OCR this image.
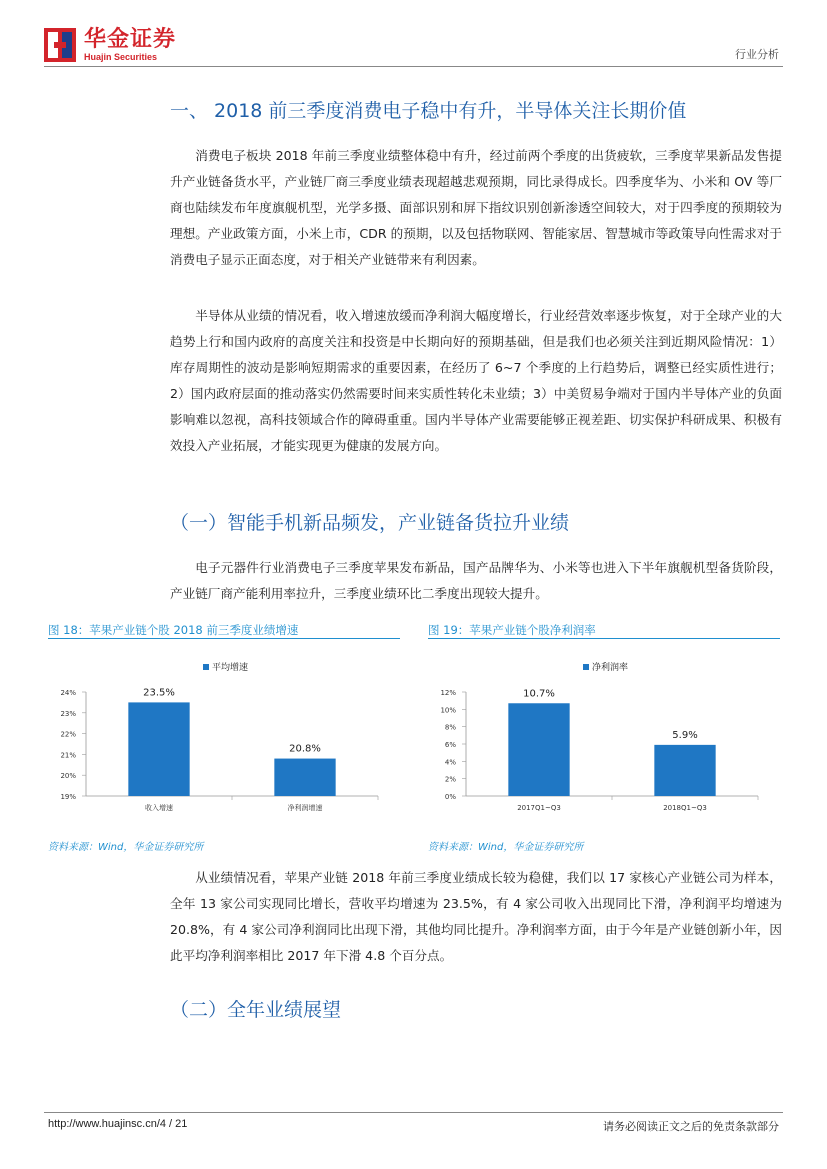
华金证券
Huajin Securities	行业分析
一、 2018 前三季度消费电子稳中有升，半导体关注长期价值

消费电子板块 2018 年前三季度业绩整体稳中有升，经过前两个季度的出货疲软，三季度苹果新品发售提升产业链备货水平，产业链厂商三季度业绩表现超越悲观预期，同比录得成长。四季度华为、小米和 OV 等厂商也陆续发布年度旗舰机型，光学多摄、面部识别和屏下指纹识别创新渗透空间较大，对于四季度的预期较为理想。产业政策方面，小米上市，CDR 的预期，以及包括物联网、智能家居、智慧城市等政策导向性需求对于消费电子显示正面态度，对于相关产业链带来有利因素。

半导体从业绩的情况看，收入增速放缓而净利润大幅度增长，行业经营效率逐步恢复，对于全球产业的大趋势上行和国内政府的高度关注和投资是中长期向好的预期基础，但是我们也必须关注到近期风险情况：1）库存周期性的波动是影响短期需求的重要因素，在经历了 6~7 个季度的上行趋势后，调整已经实质性进行；2）国内政府层面的推动落实仍然需要时间来实质性转化未业绩；3）中美贸易争端对于国内半导体产业的负面影响难以忽视，高科技领域合作的障碍重重。国内半导体产业需要能够正视差距、切实保护科研成果、积极有效投入产业拓展，才能实现更为健康的发展方向。

（一）智能手机新品频发，产业链备货拉升业绩

电子元器件行业消费电子三季度苹果发布新品，国产品牌华为、小米等也进入下半年旗舰机型备货阶段，产业链厂商产能利用率拉升，三季度业绩环比二季度出现较大提升。

图 18：苹果产业链个股 2018 前三季度业绩增速
平均增速
24%
23%
22%
21%
20%
19%
23.5%
收入增速
20.8%
净利润增速
资料来源：Wind，华金证券研究所
图 19：苹果产业链个股净利润率
净利润率
12%
10%
8%
6%
4%
2%
0%
10.7%
2017Q1~Q3
5.9%
2018Q1~Q3
资料来源：Wind，华金证券研究所

从业绩情况看，苹果产业链 2018 年前三季度业绩成长较为稳健，我们以 17 家核心产业链公司为样本，全年 13 家公司实现同比增长，营收平均增速为 23.5%，有 4 家公司收入出现同比下滑，净利润平均增速为 20.8%，有 4 家公司净利润同比出现下滑，其他均同比提升。净利润率方面，由于今年是产业链创新小年，因此平均净利润率相比 2017 年下滑 4.8 个百分点。

（二）全年业绩展望
http://www.huajinsc.cn/4 / 21	请务必阅读正文之后的免责条款部分
